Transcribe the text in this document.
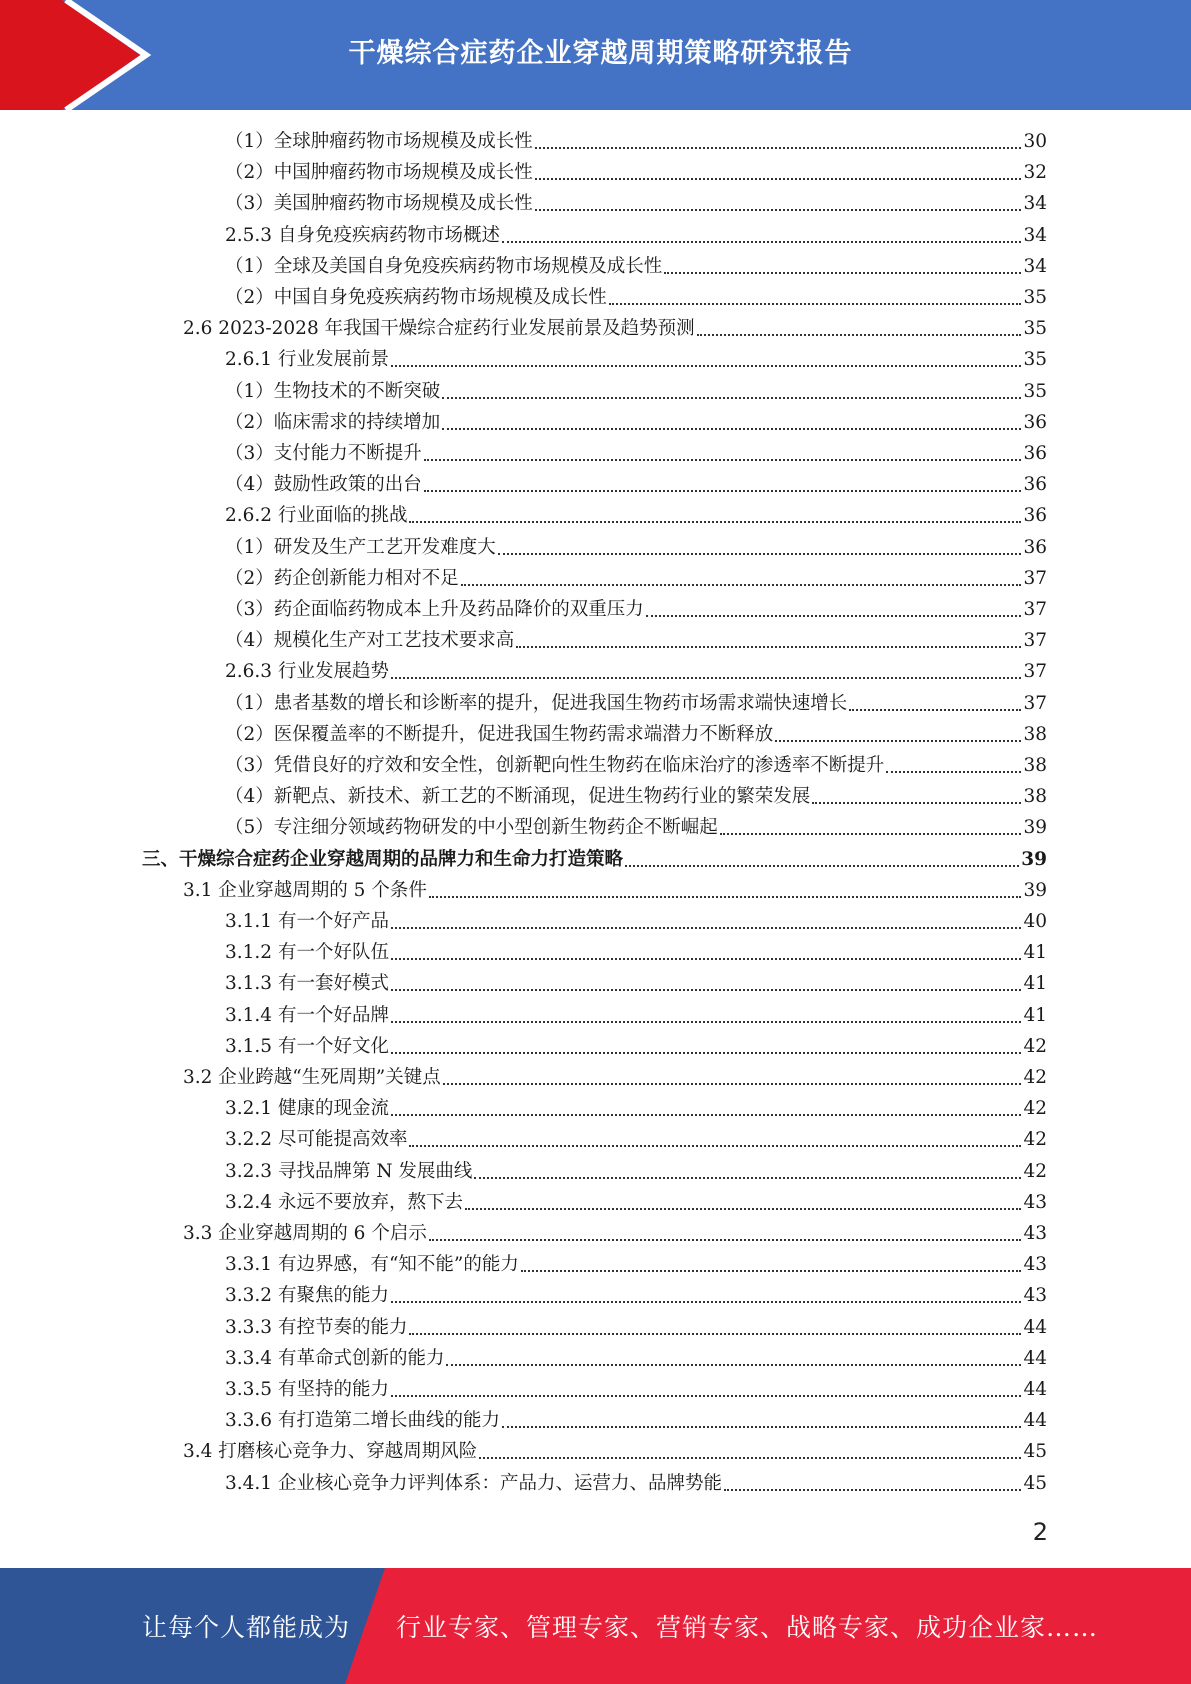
干燥综合症药企业穿越周期策略研究报告
（1）全球肿瘤药物市场规模及成长性	30
（2）中国肿瘤药物市场规模及成长性	32
（3）美国肿瘤药物市场规模及成长性	34
2.5.3 自身免疫疾病药物市场概述	34
（1）全球及美国自身免疫疾病药物市场规模及成长性	34
（2）中国自身免疫疾病药物市场规模及成长性	35
2.6 2023-2028 年我国干燥综合症药行业发展前景及趋势预测	35
2.6.1 行业发展前景	35
（1）生物技术的不断突破	35
（2）临床需求的持续增加	36
（3）支付能力不断提升	36
（4）鼓励性政策的出台	36
2.6.2 行业面临的挑战	36
（1）研发及生产工艺开发难度大	36
（2）药企创新能力相对不足	37
（3）药企面临药物成本上升及药品降价的双重压力	37
（4）规模化生产对工艺技术要求高	37
2.6.3 行业发展趋势	37
（1）患者基数的增长和诊断率的提升，促进我国生物药市场需求端快速增长	37
（2）医保覆盖率的不断提升，促进我国生物药需求端潜力不断释放	38
（3）凭借良好的疗效和安全性，创新靶向性生物药在临床治疗的渗透率不断提升	38
（4）新靶点、新技术、新工艺的不断涌现，促进生物药行业的繁荣发展	38
（5）专注细分领域药物研发的中小型创新生物药企不断崛起	39
三、干燥综合症药企业穿越周期的品牌力和生命力打造策略	39
3.1 企业穿越周期的 5 个条件	39
3.1.1 有一个好产品	40
3.1.2 有一个好队伍	41
3.1.3 有一套好模式	41
3.1.4 有一个好品牌	41
3.1.5 有一个好文化	42
3.2 企业跨越“生死周期”关键点	42
3.2.1 健康的现金流	42
3.2.2 尽可能提高效率	42
3.2.3 寻找品牌第 N 发展曲线	42
3.2.4 永远不要放弃，熬下去	43
3.3 企业穿越周期的 6 个启示	43
3.3.1 有边界感，有“知不能”的能力	43
3.3.2 有聚焦的能力	43
3.3.3 有控节奏的能力	44
3.3.4 有革命式创新的能力	44
3.3.5 有坚持的能力	44
3.3.6 有打造第二增长曲线的能力	44
3.4 打磨核心竞争力、穿越周期风险	45
3.4.1 企业核心竞争力评判体系：产品力、运营力、品牌势能	45
2
让每个人都能成为 行业专家、管理专家、营销专家、战略专家、成功企业家……
